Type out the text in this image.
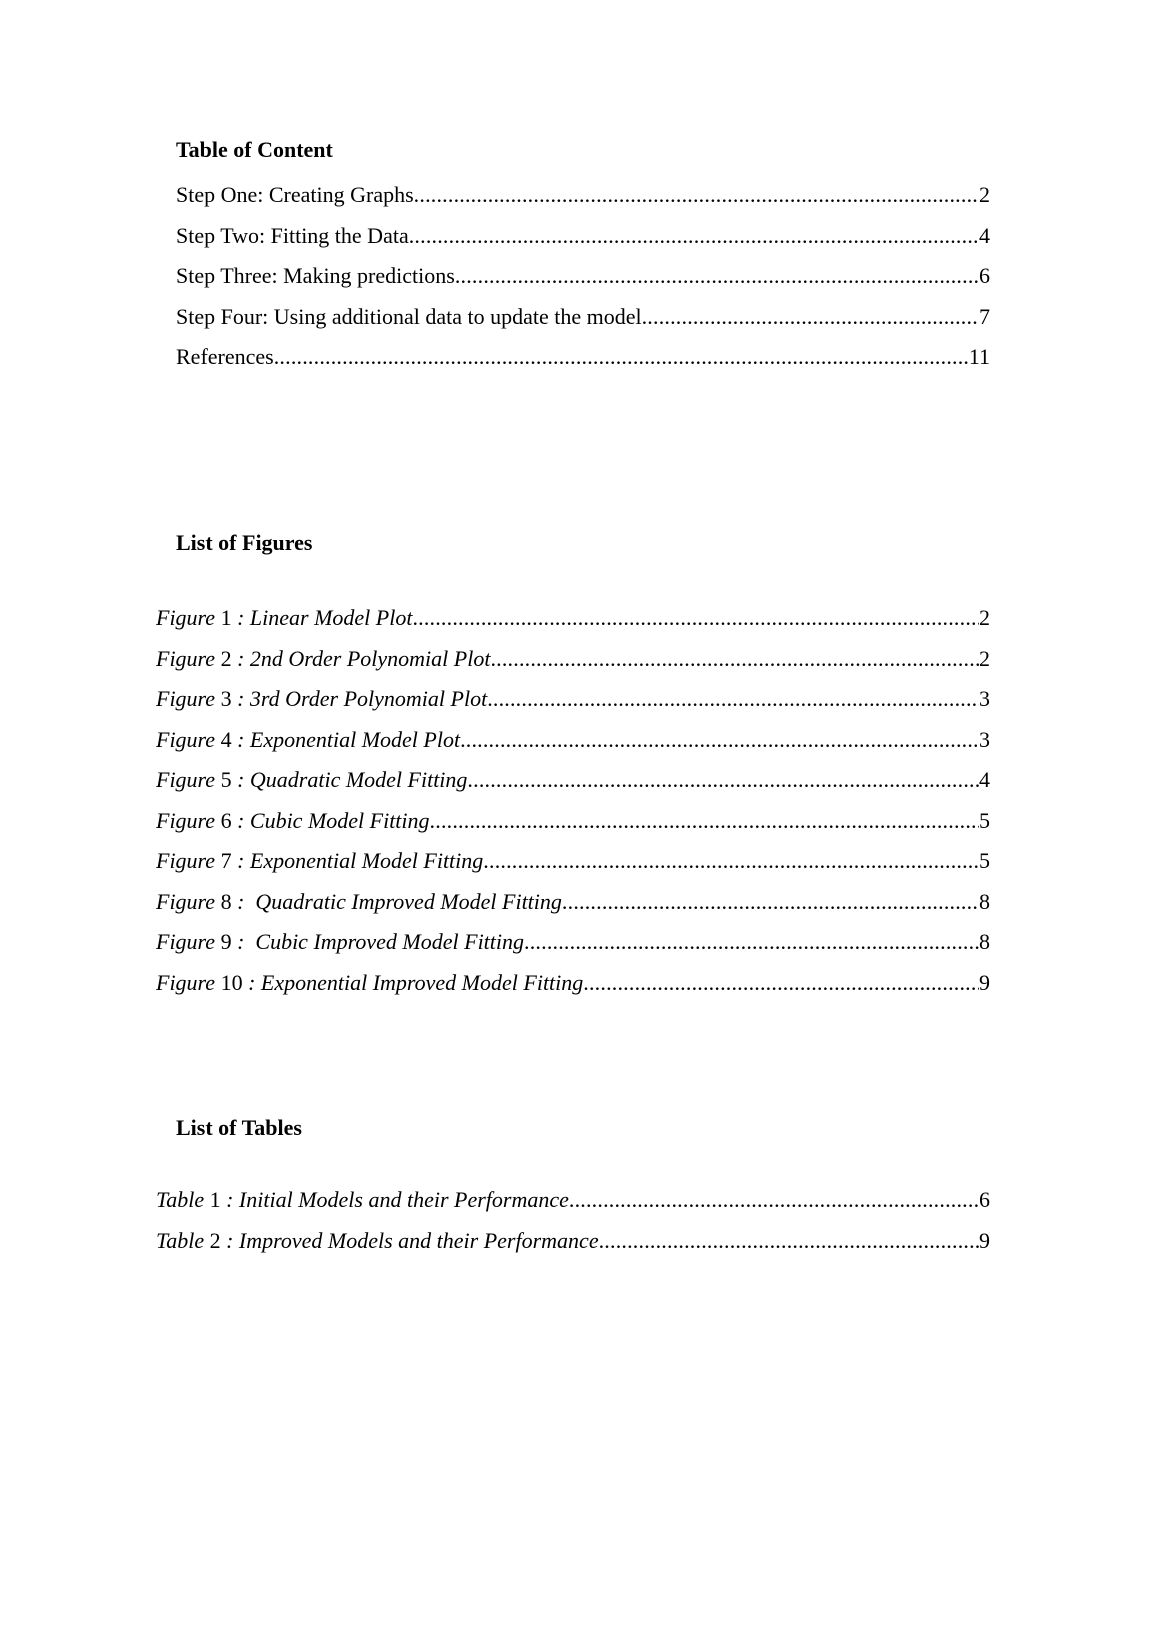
Table of Content
Step One: Creating Graphs .....	2
Step Two: Fitting the Data .....	4
Step Three: Making predictions .....	6
Step Four: Using additional data to update the model .....	7
References .....	11
List of Figures
Figure 1 : Linear Model Plot .....	2
Figure 2 : 2nd Order Polynomial Plot .....	2
Figure 3 : 3rd Order Polynomial Plot .....	3
Figure 4 : Exponential Model Plot .....	3
Figure 5 : Quadratic Model Fitting .....	4
Figure 6 : Cubic Model Fitting .....	5
Figure 7 : Exponential Model Fitting .....	5
Figure 8 :  Quadratic Improved Model Fitting .....	8
Figure 9 :  Cubic Improved Model Fitting .....	8
Figure 10 : Exponential Improved Model Fitting .....	9
List of Tables
Table 1 : Initial Models and their Performance .....	6
Table 2 : Improved Models and their Performance .....	9
